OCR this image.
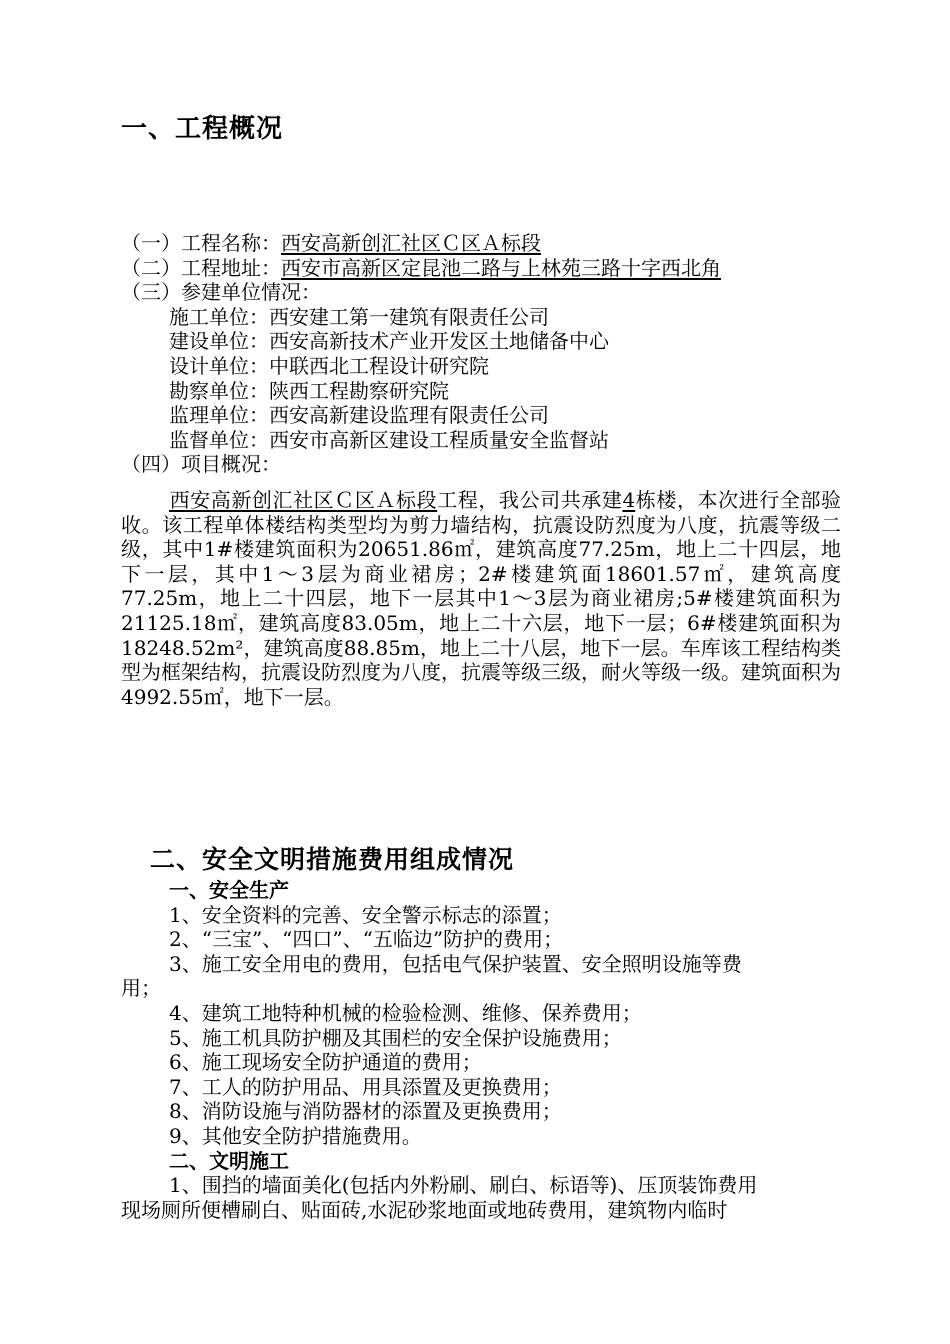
一、工程概况
（一）工程名称：西安高新创汇社区Ｃ区Ａ标段
（二）工程地址：西安市高新区定昆池二路与上林苑三路十字西北角
（三）参建单位情况：
施工单位：西安建工第一建筑有限责任公司
建设单位：西安高新技术产业开发区土地储备中心
设计单位：中联西北工程设计研究院
勘察单位：陕西工程勘察研究院
监理单位：西安高新建设监理有限责任公司
监督单位：西安市高新区建设工程质量安全监督站
（四）项目概况：
西安高新创汇社区Ｃ区Ａ标段工程，我公司共承建4栋楼，本次进行全部验收。该工程单体楼结构类型均为剪力墙结构，抗震设防烈度为八度，抗震等级二级，其中1#楼建筑面积为20651.86㎡，建筑高度77.25m，地上二十四层，地下一层，其中1～3层为商业裙房；2#楼建筑面18601.57㎡，建筑高度77.25m，地上二十四层，地下一层其中1～3层为商业裙房;5#楼建筑面积为21125.18㎡，建筑高度83.05m，地上二十六层，地下一层；6#楼建筑面积为18248.52m²，建筑高度88.85m，地上二十八层，地下一层。车库该工程结构类型为框架结构，抗震设防烈度为八度，抗震等级三级，耐火等级一级。建筑面积为4992.55㎡，地下一层。
二、安全文明措施费用组成情况
一、安全生产
1、安全资料的完善、安全警示标志的添置；
2、“三宝”、“四口”、“五临边”防护的费用；
3、施工安全用电的费用，包括电气保护装置、安全照明设施等费
用；
4、建筑工地特种机械的检验检测、维修、保养费用；
5、施工机具防护棚及其围栏的安全保护设施费用；
6、施工现场安全防护通道的费用；
7、工人的防护用品、用具添置及更换费用；
8、消防设施与消防器材的添置及更换费用；
9、其他安全防护措施费用。
二、文明施工
1、围挡的墙面美化(包括内外粉刷、刷白、标语等)、压顶装饰费用
现场厕所便槽刷白、贴面砖,水泥砂浆地面或地砖费用，建筑物内临时
